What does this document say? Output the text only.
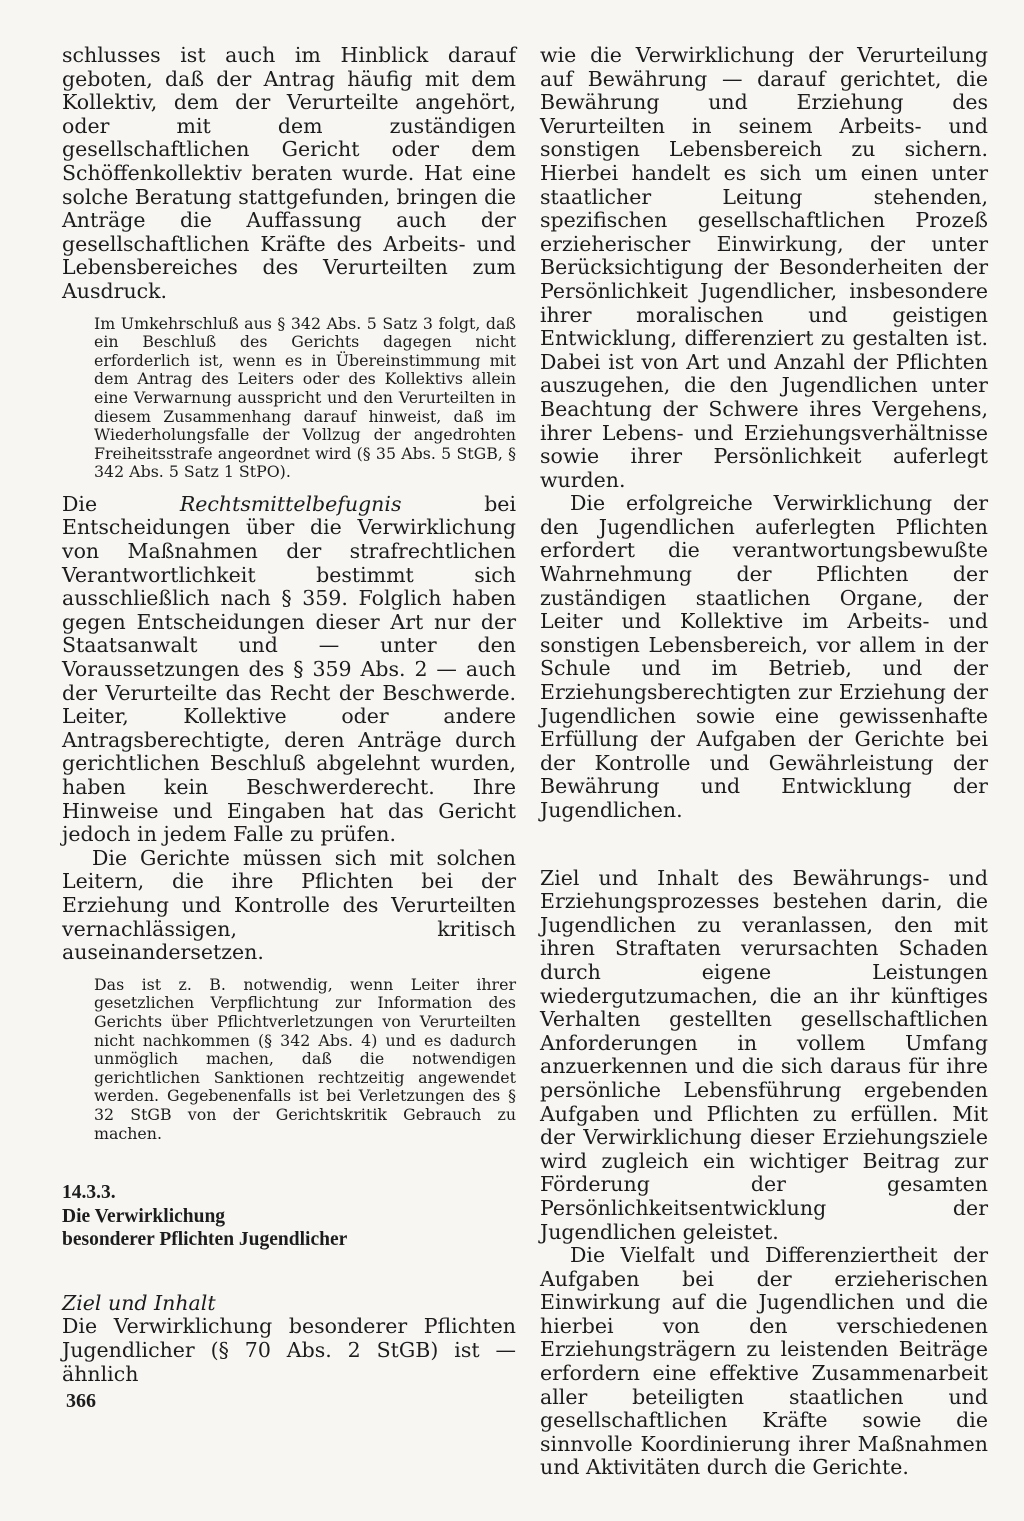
schlusses ist auch im Hinblick darauf geboten, daß der Antrag häufig mit dem Kollektiv, dem der Verurteilte angehört, oder mit dem zuständigen gesellschaftlichen Gericht oder dem Schöffenkollektiv beraten wurde. Hat eine solche Beratung stattgefunden, bringen die Anträge die Auffassung auch der gesellschaftlichen Kräfte des Arbeits- und Lebensbereiches des Verurteilten zum Ausdruck.

Im Umkehrschluß aus § 342 Abs. 5 Satz 3 folgt, daß ein Beschluß des Gerichts dagegen nicht erforderlich ist, wenn es in Übereinstimmung mit dem Antrag des Leiters oder des Kollektivs allein eine Verwarnung ausspricht und den Verurteilten in diesem Zusammenhang darauf hinweist, daß im Wiederholungsfalle der Vollzug der angedrohten Freiheitsstrafe angeordnet wird (§ 35 Abs. 5 StGB, § 342 Abs. 5 Satz 1 StPO).

Die Rechtsmittelbefugnis bei Entscheidungen über die Verwirklichung von Maßnahmen der strafrechtlichen Verantwortlichkeit bestimmt sich ausschließlich nach § 359. Folglich haben gegen Entscheidungen dieser Art nur der Staatsanwalt und — unter den Voraussetzungen des § 359 Abs. 2 — auch der Verurteilte das Recht der Beschwerde. Leiter, Kollektive oder andere Antragsberechtigte, deren Anträge durch gerichtlichen Beschluß abgelehnt wurden, haben kein Beschwerderecht. Ihre Hinweise und Eingaben hat das Gericht jedoch in jedem Falle zu prüfen.

Die Gerichte müssen sich mit solchen Leitern, die ihre Pflichten bei der Erziehung und Kontrolle des Verurteilten vernachlässigen, kritisch auseinandersetzen.

Das ist z. B. notwendig, wenn Leiter ihrer gesetzlichen Verpflichtung zur Information des Gerichts über Pflichtverletzungen von Verurteilten nicht nachkommen (§ 342 Abs. 4) und es dadurch unmöglich machen, daß die notwendigen gerichtlichen Sanktionen rechtzeitig angewendet werden. Gegebenenfalls ist bei Verletzungen des § 32 StGB von der Gerichtskritik Gebrauch zu machen.

14.3.3.
Die Verwirklichung
besonderer Pflichten Jugendlicher
Ziel und Inhalt

Die Verwirklichung besonderer Pflichten Jugendlicher (§ 70 Abs. 2 StGB) ist — ähnlich

wie die Verwirklichung der Verurteilung auf Bewährung — darauf gerichtet, die Bewährung und Erziehung des Verurteilten in seinem Arbeits- und sonstigen Lebensbereich zu sichern. Hierbei handelt es sich um einen unter staatlicher Leitung stehenden, spezifischen gesellschaftlichen Prozeß erzieherischer Einwirkung, der unter Berücksichtigung der Besonderheiten der Persönlichkeit Jugendlicher, insbesondere ihrer moralischen und geistigen Entwicklung, differenziert zu gestalten ist. Dabei ist von Art und Anzahl der Pflichten auszugehen, die den Jugendlichen unter Beachtung der Schwere ihres Vergehens, ihrer Lebens- und Erziehungsverhältnisse sowie ihrer Persönlichkeit auferlegt wurden.

Die erfolgreiche Verwirklichung der den Jugendlichen auferlegten Pflichten erfordert die verantwortungsbewußte Wahrnehmung der Pflichten der zuständigen staatlichen Organe, der Leiter und Kollektive im Arbeits- und sonstigen Lebensbereich, vor allem in der Schule und im Betrieb, und der Erziehungsberechtigten zur Erziehung der Jugendlichen sowie eine gewissenhafte Erfüllung der Aufgaben der Gerichte bei der Kontrolle und Gewährleistung der Bewährung und Entwicklung der Jugendlichen.

Ziel und Inhalt des Bewährungs- und Erziehungsprozesses bestehen darin, die Jugendlichen zu veranlassen, den mit ihren Straftaten verursachten Schaden durch eigene Leistungen wiedergutzumachen, die an ihr künftiges Verhalten gestellten gesellschaftlichen Anforderungen in vollem Umfang anzuerkennen und die sich daraus für ihre persönliche Lebensführung ergebenden Aufgaben und Pflichten zu erfüllen. Mit der Verwirklichung dieser Erziehungsziele wird zugleich ein wichtiger Beitrag zur Förderung der gesamten Persönlichkeitsentwicklung der Jugendlichen geleistet.

Die Vielfalt und Differenziertheit der Aufgaben bei der erzieherischen Einwirkung auf die Jugendlichen und die hierbei von den verschiedenen Erziehungsträgern zu leistenden Beiträge erfordern eine effektive Zusammenarbeit aller beteiligten staatlichen und gesellschaftlichen Kräfte sowie die sinnvolle Koordinierung ihrer Maßnahmen und Aktivitäten durch die Gerichte.

366
